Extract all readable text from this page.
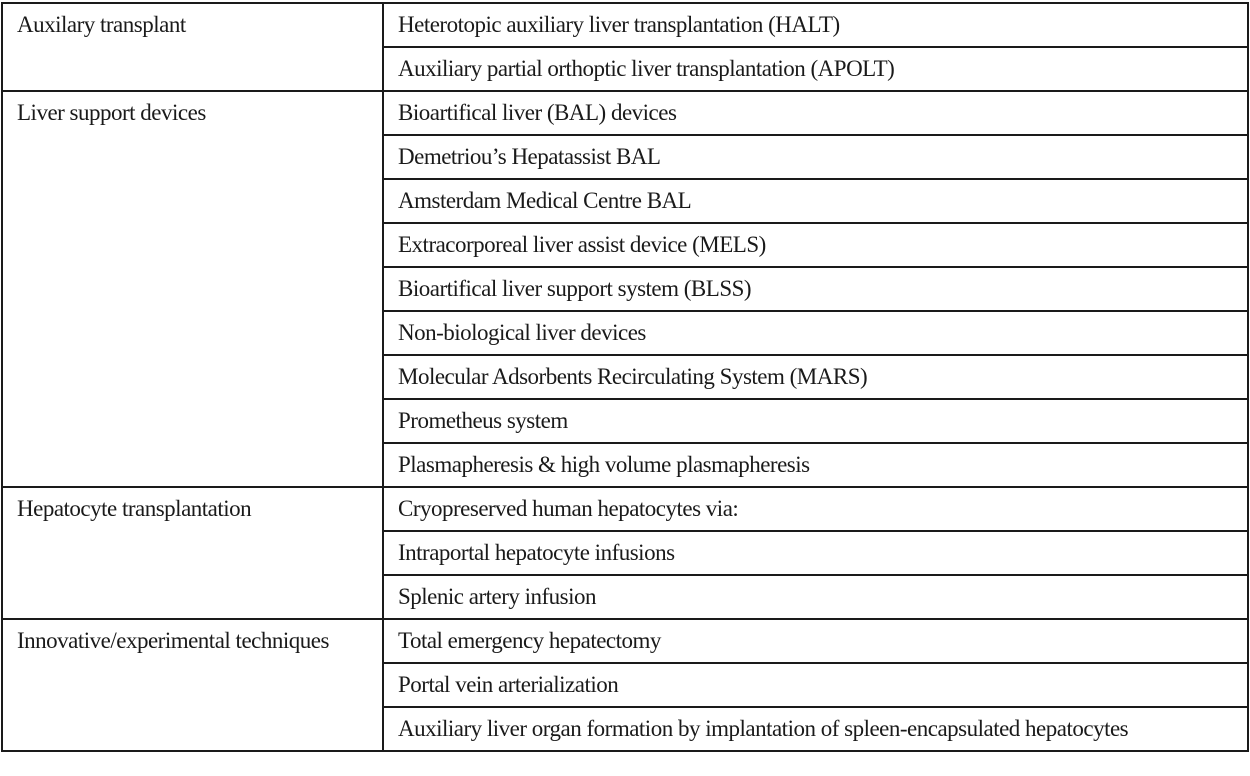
Auxilary transplant	Heterotopic auxiliary liver transplantation (HALT)
	Auxiliary partial orthoptic liver transplantation (APOLT)
Liver support devices	Bioartifical liver (BAL) devices
	Demetriou’s Hepatassist BAL
	Amsterdam Medical Centre BAL
	Extracorporeal liver assist device (MELS)
	Bioartifical liver support system (BLSS)
	Non-biological liver devices
	Molecular Adsorbents Recirculating System (MARS)
	Prometheus system
	Plasmapheresis & high volume plasmapheresis
Hepatocyte transplantation	Cryopreserved human hepatocytes via:
	Intraportal hepatocyte infusions
	Splenic artery infusion
Innovative/experimental techniques	Total emergency hepatectomy
	Portal vein arterialization
	Auxiliary liver organ formation by implantation of spleen-encapsulated hepatocytes
